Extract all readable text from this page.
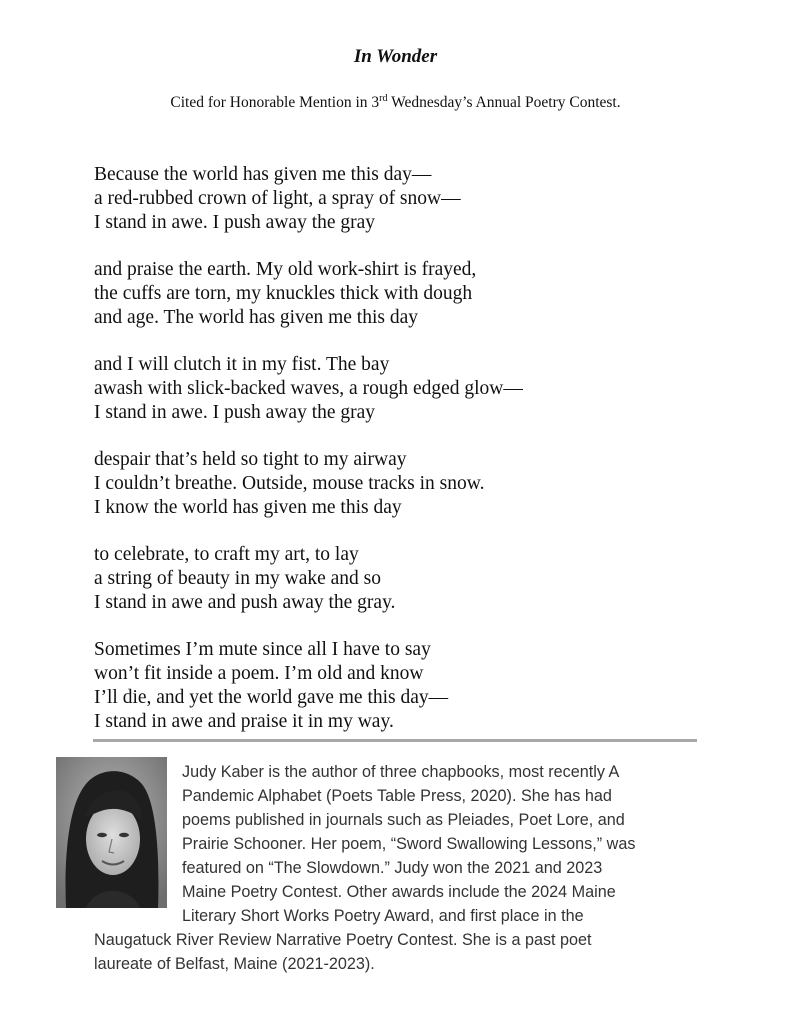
In Wonder
Cited for Honorable Mention in 3rd Wednesday’s Annual Poetry Contest.
Because the world has given me this day—
a red-rubbed crown of light, a spray of snow—
I stand in awe. I push away the gray
and praise the earth. My old work-shirt is frayed,
the cuffs are torn, my knuckles thick with dough
and age. The world has given me this day
and I will clutch it in my fist. The bay
awash with slick-backed waves, a rough edged glow—
I stand in awe. I push away the gray
despair that’s held so tight to my airway
I couldn’t breathe. Outside, mouse tracks in snow.
I know the world has given me this day
to celebrate, to craft my art, to lay
a string of beauty in my wake and so
I stand in awe and push away the gray.
Sometimes I’m mute since all I have to say
won’t fit inside a poem. I’m old and know
I’ll die, and yet the world gave me this day—
I stand in awe and praise it in my way.
Judy Kaber is the author of three chapbooks, most recently A
Pandemic Alphabet (Poets Table Press, 2020). She has had
poems published in journals such as Pleiades, Poet Lore, and
Prairie Schooner. Her poem, “Sword Swallowing Lessons,” was
featured on “The Slowdown.” Judy won the 2021 and 2023
Maine Poetry Contest. Other awards include the 2024 Maine
Literary Short Works Poetry Award, and first place in the
Naugatuck River Review Narrative Poetry Contest. She is a past poet
laureate of Belfast, Maine (2021-2023).
